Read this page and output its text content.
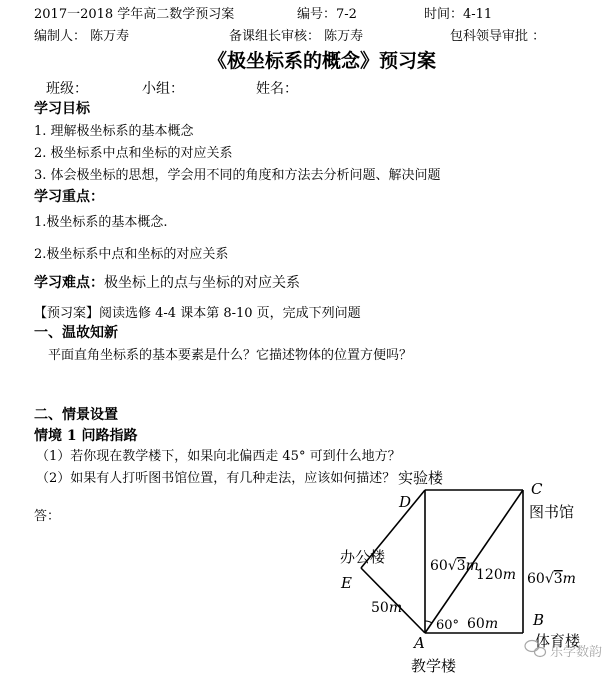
2017一2018 学年高二数学预习案	编号：7-2	时间：4-11
编制人： 陈万寿	备课组长审核： 陈万寿	包科领导审批 ：
《极坐标系的概念》预习案
班级：	小组：	姓名：
学习目标
1. 理解极坐标系的基本概念
2. 极坐标系中点和坐标的对应关系
3. 体会极坐标的思想，学会用不同的角度和方法去分析问题、解决问题
学习重点：
1.极坐标系的基本概念.
2.极坐标系中点和坐标的对应关系
学习难点：极坐标上的点与坐标的对应关系
【预习案】阅读选修 4-4 课本第 8-10 页，完成下列问题
一、温故知新
平面直角坐标系的基本要素是什么？它描述物体的位置方便吗？
二、情景设置
情境 1 问路指路
（1）若你现在教学楼下，如果向北偏西走 45° 可到什么地方？
（2）如果有人打听图书馆位置，有几种走法，应该如何描述？
答：
D
C
E
B
A
实验楼
图书馆
办公楼
体育楼
教学楼
60√3m
120m 60√3m
60m
50m
60°
乐学数韵
